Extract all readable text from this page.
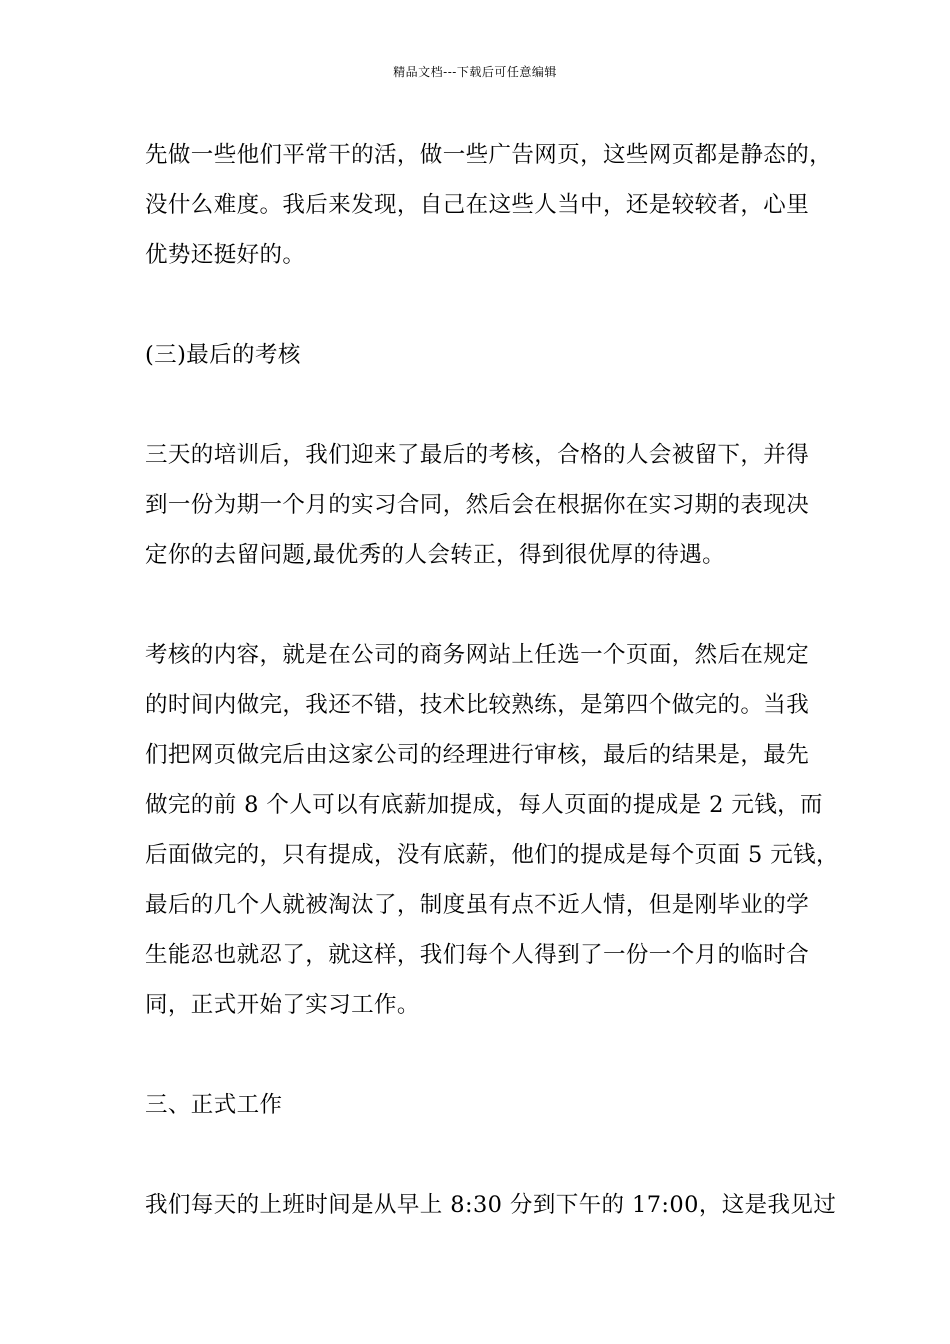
精品文档---下载后可任意编辑
先做一些他们平常干的活，做一些广告网页，这些网页都是静态的，
没什么难度。我后来发现，自己在这些人当中，还是较较者，心里
优势还挺好的。
(三)最后的考核
三天的培训后，我们迎来了最后的考核，合格的人会被留下，并得
到一份为期一个月的实习合同，然后会在根据你在实习期的表现决
定你的去留问题,最优秀的人会转正，得到很优厚的待遇。
考核的内容，就是在公司的商务网站上任选一个页面，然后在规定
的时间内做完，我还不错，技术比较熟练，是第四个做完的。当我
们把网页做完后由这家公司的经理进行审核，最后的结果是，最先
做完的前 8 个人可以有底薪加提成，每人页面的提成是 2 元钱，而
后面做完的，只有提成，没有底薪，他们的提成是每个页面 5 元钱，
最后的几个人就被淘汰了，制度虽有点不近人情，但是刚毕业的学
生能忍也就忍了，就这样，我们每个人得到了一份一个月的临时合
同，正式开始了实习工作。
三、正式工作
我们每天的上班时间是从早上 8:30 分到下午的 17:00，这是我见过
